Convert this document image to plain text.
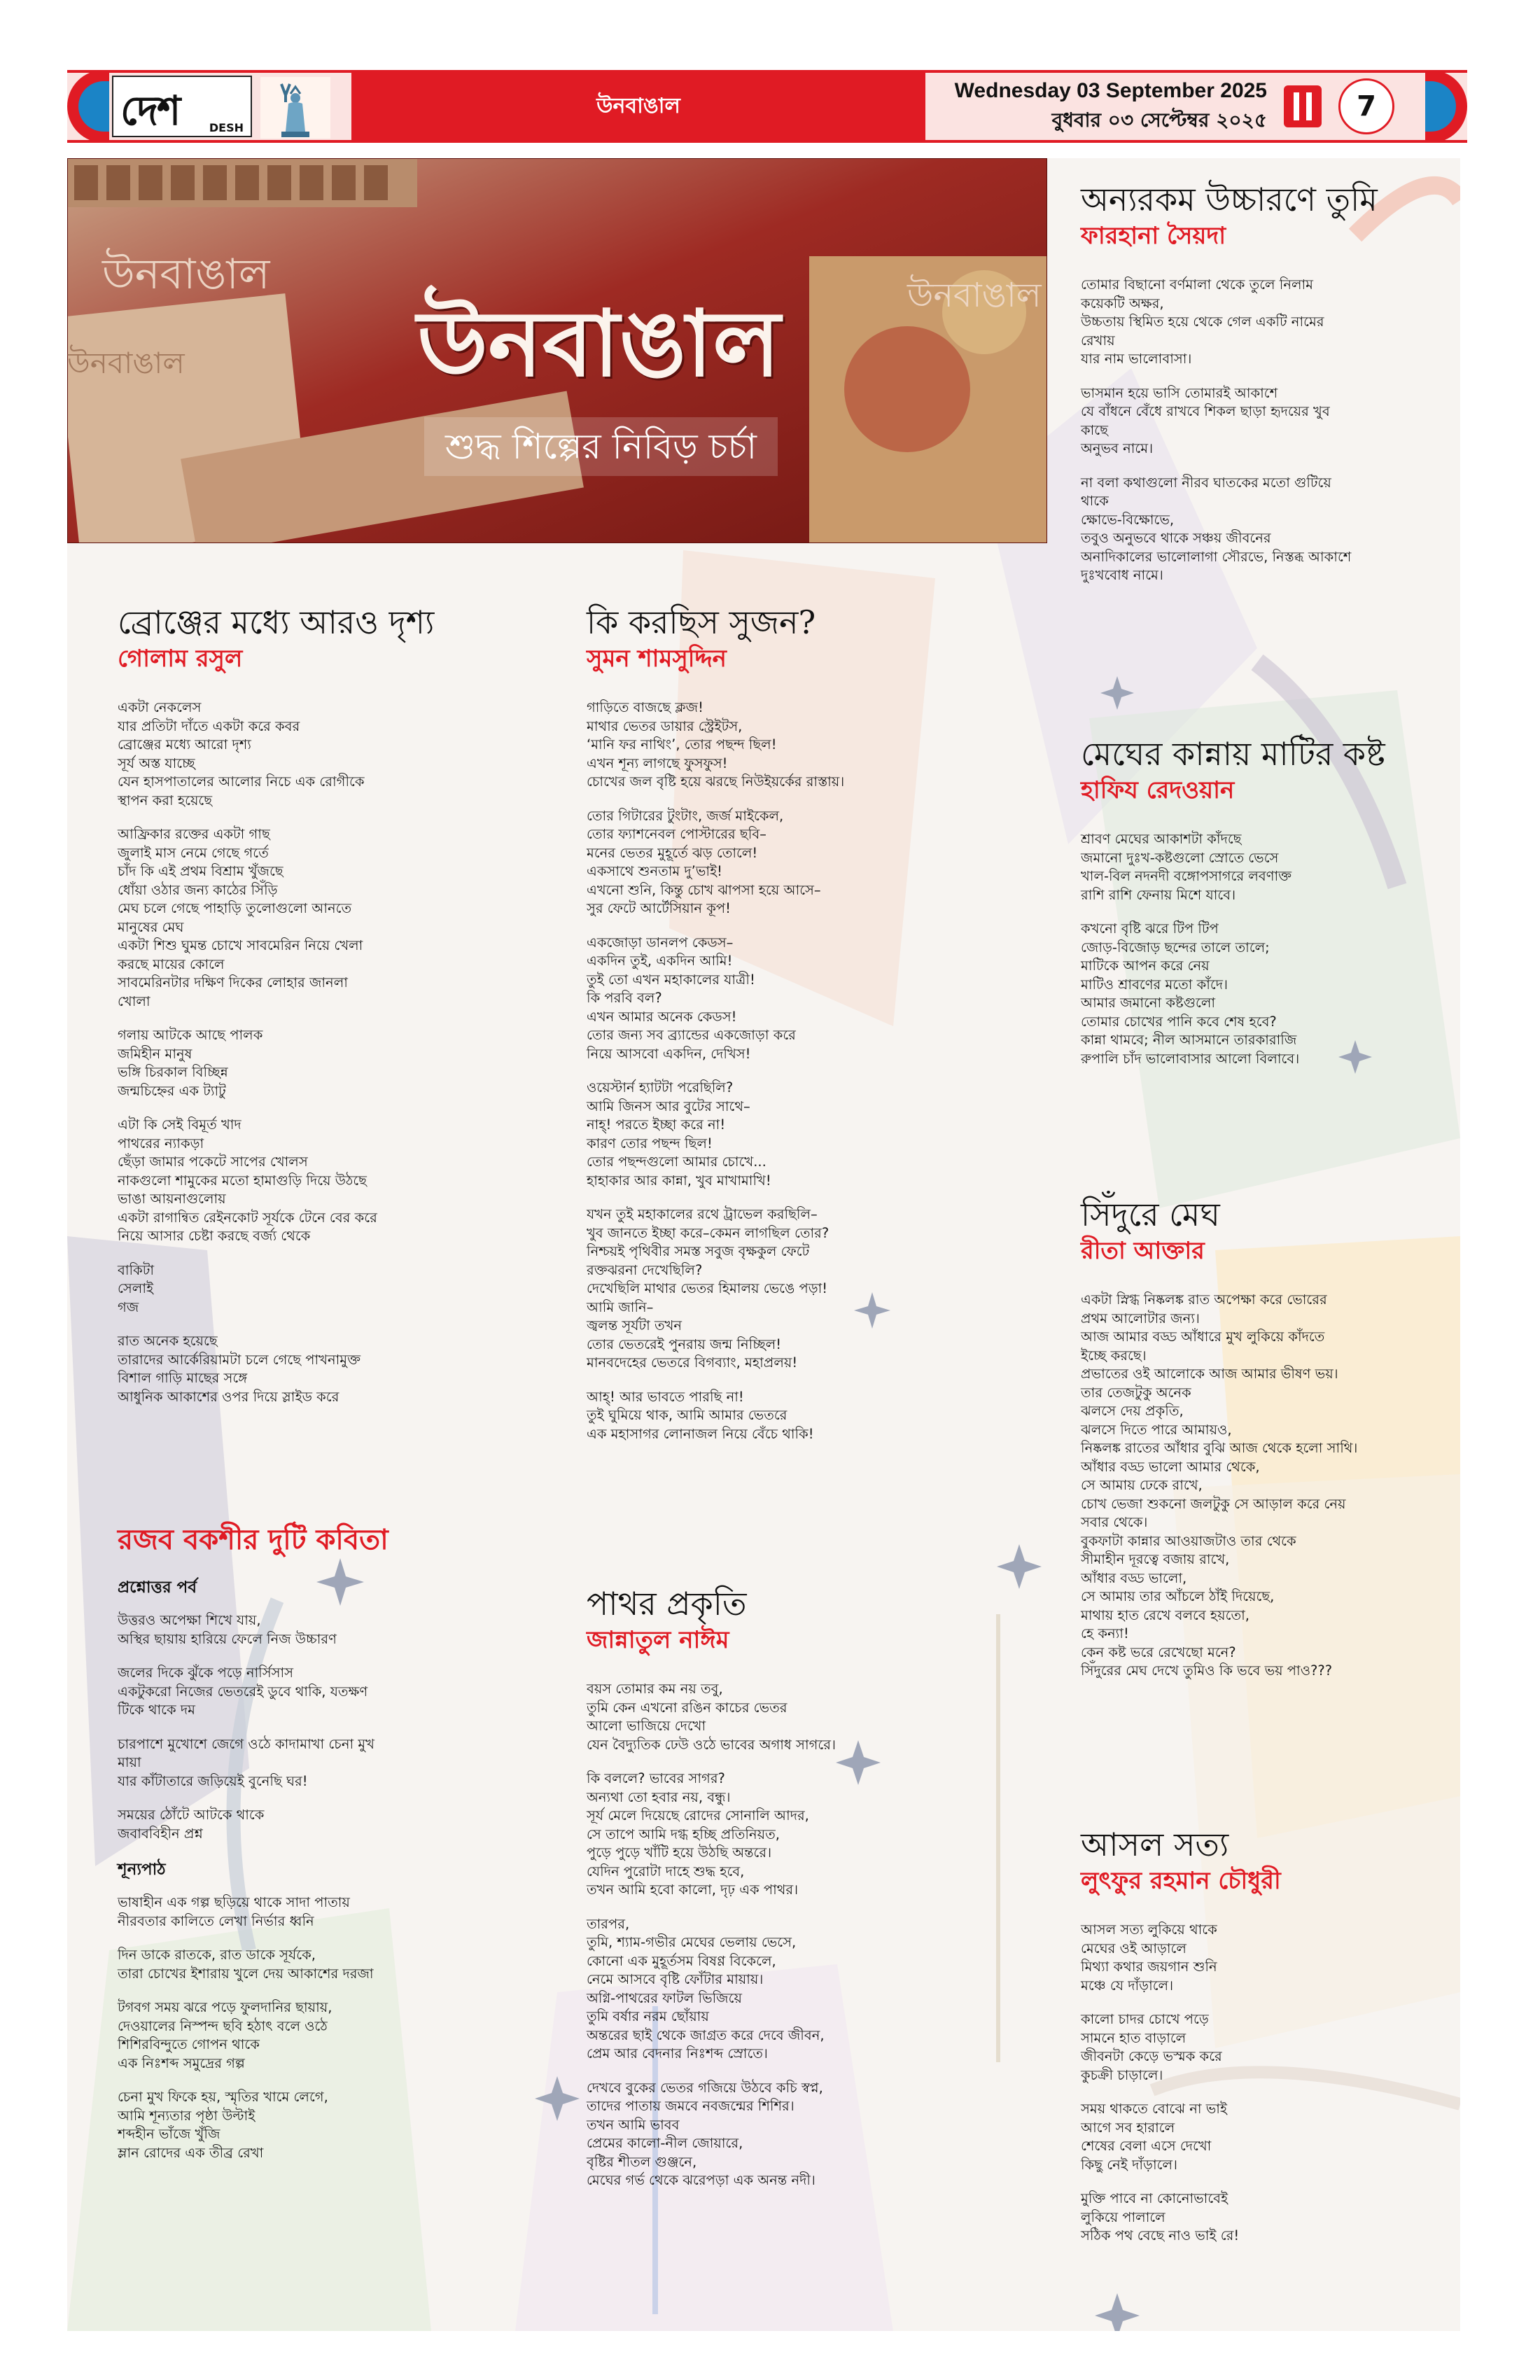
দেশ	DESH
উনবাঙাল
Wednesday 03 September 2025
বুধবার ০৩ সেপ্টেম্বর ২০২৫	7
উনবাঙাল
উনবাঙাল
উনবাঙাল
উনবাঙাল
শুদ্ধ শিল্পের নিবিড় চর্চা
ব্রোঞ্জের মধ্যে আরও দৃশ্য
গোলাম রসুল
একটা নেকলেস
যার প্রতিটা দাঁতে একটা করে কবর
ব্রোঞ্জের মধ্যে আরো দৃশ্য
সূর্য অস্ত যাচ্ছে
যেন হাসপাতালের আলোর নিচে এক রোগীকে
স্থাপন করা হয়েছে
আফ্রিকার রক্তের একটা গাছ
জুলাই মাস নেমে গেছে গর্তে
চাঁদ কি এই প্রথম বিশ্রাম খুঁজছে
ধোঁয়া ওঠার জন্য কাঠের সিঁড়ি
মেঘ চলে গেছে পাহাড়ি তুলোগুলো আনতে
মানুষের মেঘ
একটা শিশু ঘুমন্ত চোখে সাবমেরিন নিয়ে খেলা
করছে মায়ের কোলে
সাবমেরিনটার দক্ষিণ দিকের লোহার জানলা
খোলা
গলায় আটকে আছে পালক
জমিহীন মানুষ
ভঙ্গি চিরকাল বিচ্ছিন্ন
জন্মচিহ্নের এক ট্যাটু
এটা কি সেই বিমূর্ত খাদ
পাথরের ন্যাকড়া
ছেঁড়া জামার পকেটে সাপের খোলস
নাকগুলো শামুকের মতো হামাগুড়ি দিয়ে উঠছে
ভাঙা আয়নাগুলোয়
একটা রাগান্বিত রেইনকোট সূর্যকে টেনে বের করে
নিয়ে আসার চেষ্টা করছে বর্জ্য থেকে
বাকিটা
সেলাই
গজ
রাত অনেক হয়েছে
তারাদের আর্কেরিয়ামটা চলে গেছে পাখনামুক্ত
বিশাল গাড়ি মাছের সঙ্গে
আধুনিক আকাশের ওপর দিয়ে স্লাইড করে
রজব বকশীর দুটি কবিতা
প্রশ্নোত্তর পর্ব
উত্তরও অপেক্ষা শিখে যায়,
অস্থির ছায়ায় হারিয়ে ফেলে নিজ উচ্চারণ
জলের দিকে ঝুঁকে পড়ে নার্সিসাস
একটুকরো নিজের ভেতরেই ডুবে থাকি, যতক্ষণ
টিকে থাকে দম
চারপাশে মুখোশে জেগে ওঠে কাদামাখা চেনা মুখ
মায়া
যার কাঁটাতারে জড়িয়েই বুনেছি ঘর!
সময়ের ঠোঁটে আটকে থাকে
জবাববিহীন প্রশ্ন
শূন্যপাঠ
ভাষাহীন এক গল্প ছড়িয়ে থাকে সাদা পাতায়
নীরবতার কালিতে লেখা নির্ভার ধ্বনি
দিন ডাকে রাতকে, রাত ডাকে সূর্যকে,
তারা চোখের ইশারায় খুলে দেয় আকাশের দরজা
টগবগ সময় ঝরে পড়ে ফুলদানির ছায়ায়,
দেওয়ালের নিস্পন্দ ছবি হঠাৎ বলে ওঠে
শিশিরবিন্দুতে গোপন থাকে
এক নিঃশব্দ সমুদ্রের গল্প
চেনা মুখ ফিকে হয়, স্মৃতির খামে লেগে,
আমি শূন্যতার পৃষ্ঠা উল্টাই
শব্দহীন ভাঁজে খুঁজি
ম্লান রোদের এক তীব্র রেখা
কি করছিস সুজন?
সুমন শামসুদ্দিন
গাড়িতে বাজছে ক্লজ!
মাথার ভেতর ডায়ার স্ট্রেইটস,
‘মানি ফর নাথিং’, তোর পছন্দ ছিল!
এখন শূন্য লাগছে ফুসফুস!
চোখের জল বৃষ্টি হয়ে ঝরছে নিউইয়র্কের রাস্তায়।
তোর গিটারের টুংটাং, জর্জ মাইকেল,
তোর ফ্যাশনেবল পোস্টারের ছবি–
মনের ভেতর মুহূর্তে ঝড় তোলে!
একসাথে শুনতাম দু’ভাই!
এখনো শুনি, কিন্তু চোখ ঝাপসা হয়ে আসে–
সুর ফেটে আর্টেসিয়ান কূপ!
একজোড়া ডানলপ কেডস–
একদিন তুই, একদিন আমি!
তুই তো এখন মহাকালের যাত্রী!
কি পরবি বল?
এখন আমার অনেক কেডস!
তোর জন্য সব ব্র্যান্ডের একজোড়া করে
নিয়ে আসবো একদিন, দেখিস!
ওয়েস্টার্ন হ্যাটটা পরেছিলি?
আমি জিনস আর বুটের সাথে–
নাহ্! পরতে ইচ্ছা করে না!
কারণ তোর পছন্দ ছিল!
তোর পছন্দগুলো আমার চোখে...
হাহাকার আর কান্না, খুব মাখামাখি!
যখন তুই মহাকালের রথে ট্রাভেল করছিলি–
খুব জানতে ইচ্ছা করে–কেমন লাগছিল তোর?
নিশ্চয়ই পৃথিবীর সমস্ত সবুজ বৃক্ষকুল ফেটে
রক্তঝরনা দেখেছিলি?
দেখেছিলি মাথার ভেতর হিমালয় ভেঙে পড়া!
আমি জানি–
জ্বলন্ত সূর্যটা তখন
তোর ভেতরেই পুনরায় জন্ম নিচ্ছিল!
মানবদেহের ভেতরে বিগব্যাং, মহাপ্রলয়!
আহ্! আর ভাবতে পারছি না!
তুই ঘুমিয়ে থাক, আমি আমার ভেতরে
এক মহাসাগর লোনাজল নিয়ে বেঁচে থাকি!
পাথর প্রকৃতি
জান্নাতুল নাঈম
বয়স তোমার কম নয় তবু,
তুমি কেন এখনো রঙিন কাচের ভেতর
আলো ভাজিয়ে দেখো
যেন বৈদ্যুতিক ঢেউ ওঠে ভাবের অগাধ সাগরে।
কি বললে? ভাবের সাগর?
অন্যথা তো হবার নয়, বন্ধু।
সূর্য মেলে দিয়েছে রোদের সোনালি আদর,
সে তাপে আমি দগ্ধ হচ্ছি প্রতিনিয়ত,
পুড়ে পুড়ে খাঁটি হয়ে উঠছি অন্তরে।
যেদিন পুরোটা দাহে শুদ্ধ হবে,
তখন আমি হবো কালো, দৃঢ় এক পাথর।
তারপর,
তুমি, শ্যাম-গভীর মেঘের ভেলায় ভেসে,
কোনো এক মুহূর্তসম বিষণ্ণ বিকেলে,
নেমে আসবে বৃষ্টি ফোঁটার মায়ায়।
অগ্নি-পাথরের ফাটল ভিজিয়ে
তুমি বর্ষার নরম ছোঁয়ায়
অন্তরের ছাই থেকে জাগ্রত করে দেবে জীবন,
প্রেম আর বেদনার নিঃশব্দ স্রোতে।
দেখবে বুকের ভেতর গজিয়ে উঠবে কচি স্বপ্ন,
তাদের পাতায় জমবে নবজন্মের শিশির।
তখন আমি ভাবব
প্রেমের কালো-নীল জোয়ারে,
বৃষ্টির শীতল গুঞ্জনে,
মেঘের গর্ভ থেকে ঝরেপড়া এক অনন্ত নদী।
অন্যরকম উচ্চারণে তুমি
ফারহানা সৈয়দা
তোমার বিছানো বর্ণমালা থেকে তুলে নিলাম
কয়েকটি অক্ষর,
উচ্চতায় স্থিমিত হয়ে থেকে গেল একটি নামের
রেখায়
যার নাম ভালোবাসা।
ভাসমান হয়ে ভাসি তোমারই আকাশে
যে বাঁধনে বেঁধে রাখবে শিকল ছাড়া হৃদয়ের খুব
কাছে
অনুভব নামে।
না বলা কথাগুলো নীরব ঘাতকের মতো গুটিয়ে
থাকে
ক্ষোভে-বিক্ষোভে,
তবুও অনুভবে থাকে সঞ্চয় জীবনের
অনাদিকালের ভালোলাগা সৌরভে, নিস্তব্ধ আকাশে
দুঃখবোধ নামে।
মেঘের কান্নায় মাটির কষ্ট
হাফিয রেদওয়ান
শ্রাবণ মেঘের আকাশটা কাঁদছে
জমানো দুঃখ-কষ্টগুলো স্রোতে ভেসে
খাল-বিল নদনদী বঙ্গোপসাগরে লবণাক্ত
রাশি রাশি ফেনায় মিশে যাবে।
কখনো বৃষ্টি ঝরে টিপ টিপ
জোড়-বিজোড় ছন্দের তালে তালে;
মাটিকে আপন করে নেয়
মাটিও শ্রাবণের মতো কাঁদে।
আমার জমানো কষ্টগুলো
তোমার চোখের পানি কবে শেষ হবে?
কান্না থামবে; নীল আসমানে তারকারাজি
রুপালি চাঁদ ভালোবাসার আলো বিলাবে।
সিঁদুরে মেঘ
রীতা আক্তার
একটা স্নিগ্ধ নিষ্কলঙ্ক রাত অপেক্ষা করে ভোরের
প্রথম আলোটার জন্য।
আজ আমার বড্ড আঁধারে মুখ লুকিয়ে কাঁদতে
ইচ্ছে করছে।
প্রভাতের ওই আলোকে আজ আমার ভীষণ ভয়।
তার তেজটুকু অনেক
ঝলসে দেয় প্রকৃতি,
ঝলসে দিতে পারে আমায়ও,
নিষ্কলঙ্ক রাতের আঁধার বুঝি আজ থেকে হলো সাথি।
আঁধার বড্ড ভালো আমার থেকে,
সে আমায় ঢেকে রাখে,
চোখ ভেজা শুকনো জলটুকু সে আড়াল করে নেয়
সবার থেকে।
বুকফাটা কান্নার আওয়াজটাও তার থেকে
সীমাহীন দূরত্বে বজায় রাখে,
আঁধার বড্ড ভালো,
সে আমায় তার আঁচলে ঠাঁই দিয়েছে,
মাথায় হাত রেখে বলবে হয়তো,
হে কন্যা!
কেন কষ্ট ভরে রেখেছো মনে?
সিঁদুরের মেঘ দেখে তুমিও কি ভবে ভয় পাও???
আসল সত্য
লুৎফুর রহমান চৌধুরী
আসল সত্য লুকিয়ে থাকে
মেঘের ওই আড়ালে
মিথ্যা কথার জয়গান শুনি
মঞ্চে যে দাঁড়ালে।
কালো চাদর চোখে পড়ে
সামনে হাত বাড়ালে
জীবনটা কেড়ে ভস্মক করে
কুচক্রী চাড়ালে।
সময় থাকতে বোঝে না ভাই
আগে সব হারালে
শেষের বেলা এসে দেখো
কিছু নেই দাঁড়ালে।
মুক্তি পাবে না কোনোভাবেই
লুকিয়ে পালালে
সঠিক পথ বেছে নাও ভাই রে!
